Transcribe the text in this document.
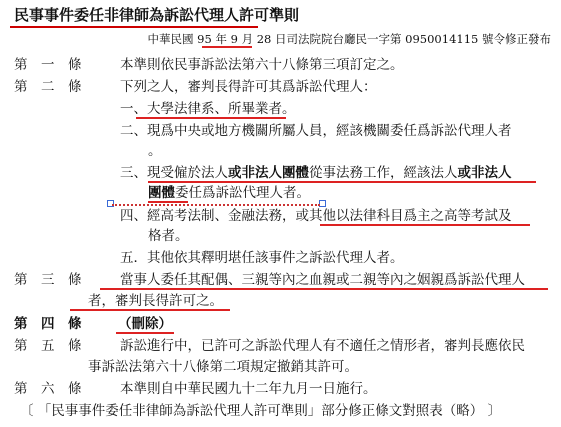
民事事件委任非律師為訴訟代理人許可準則
中華民國 95 年 9 月 28 日司法院院台廳民一字第 0950014115 號令修正發布
第　一　條	本準則依民事訴訟法第六十八條第三項訂定之。
第　二　條	下列之人，審判長得許可其爲訴訟代理人：
一、大學法律系、所畢業者。
二、現爲中央或地方機關所屬人員，經該機關委任爲訴訟代理人者
。
三、現受僱於法人或非法人團體從事法務工作，經該法人或非法人
團體委任爲訴訟代理人者。
四、經高考法制、金融法務，或其他以法律科目爲主之高等考試及
格者。
五．其他依其釋明堪任該事件之訴訟代理人者。
第　三　條	當事人委任其配偶、三親等內之血親或二親等內之姻親爲訴訟代理人
者，審判長得許可之。
第　四　條	（刪除）
第　五　條	訴訟進行中，已許可之訴訟代理人有不適任之情形者，審判長應依民
事訴訟法第六十八條第二項規定撤銷其許可。
第　六　條	本準則自中華民國九十二年九月一日施行。
〔 「民事事件委任非律師為訴訟代理人許可準則」部分修正條文對照表（略） 〕
